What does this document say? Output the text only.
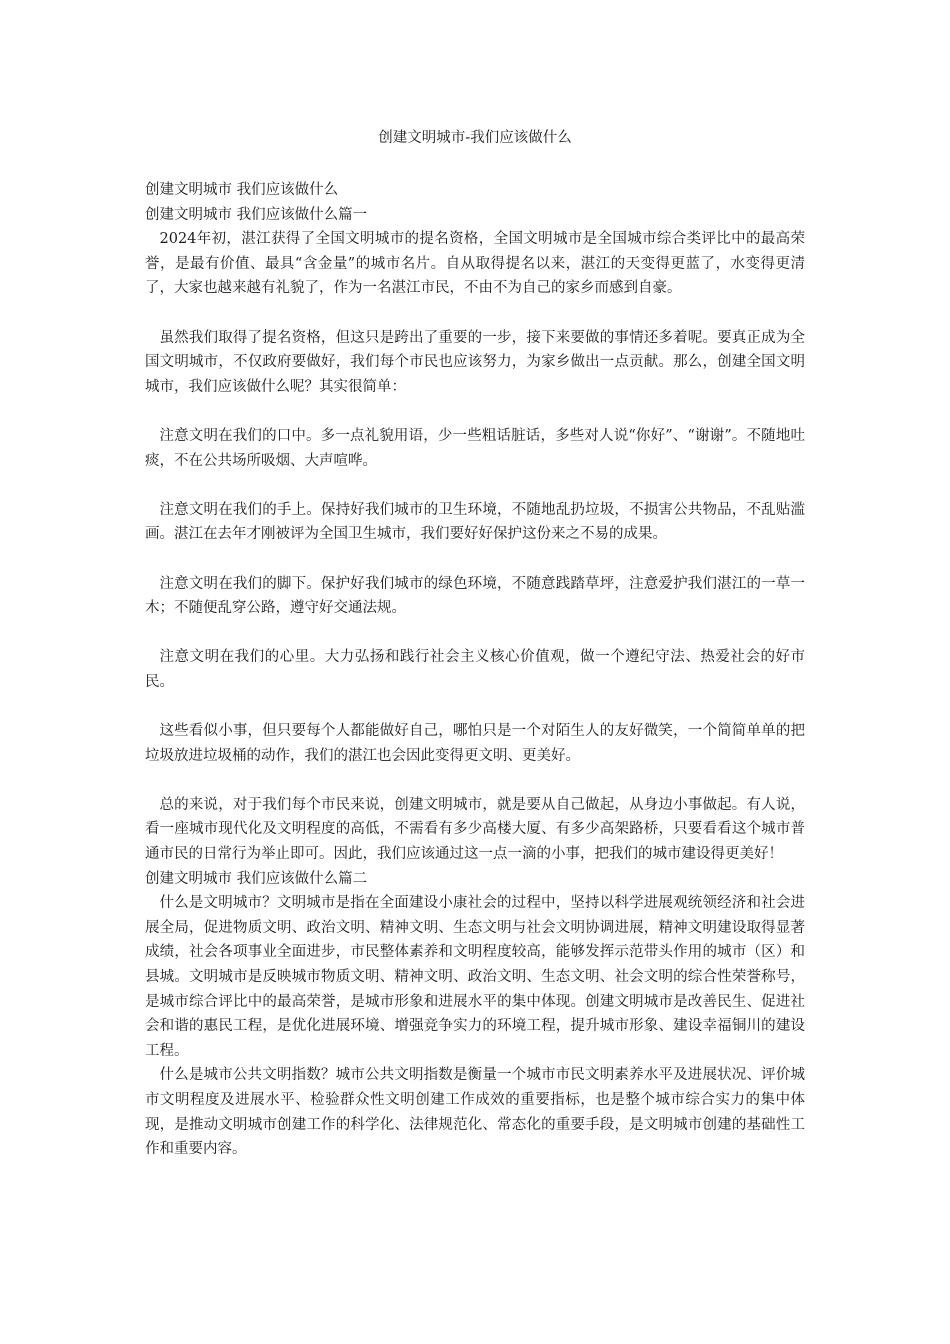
创建文明城市-我们应该做什么

创建文明城市 我们应该做什么

创建文明城市 我们应该做什么篇一

2024年初，湛江获得了全国文明城市的提名资格，全国文明城市是全国城市综合类评比中的最高荣誉，是最有价值、最具“含金量”的城市名片。自从取得提名以来，湛江的天变得更蓝了，水变得更清了，大家也越来越有礼貌了，作为一名湛江市民，不由不为自己的家乡而感到自豪。

虽然我们取得了提名资格，但这只是跨出了重要的一步，接下来要做的事情还多着呢。要真正成为全国文明城市，不仅政府要做好，我们每个市民也应该努力，为家乡做出一点贡献。那么，创建全国文明城市，我们应该做什么呢？其实很简单：

注意文明在我们的口中。多一点礼貌用语，少一些粗话脏话，多些对人说“你好”、“谢谢”。不随地吐痰，不在公共场所吸烟、大声喧哗。

注意文明在我们的手上。保持好我们城市的卫生环境，不随地乱扔垃圾，不损害公共物品，不乱贴滥画。湛江在去年才刚被评为全国卫生城市，我们要好好保护这份来之不易的成果。

注意文明在我们的脚下。保护好我们城市的绿色环境，不随意践踏草坪，注意爱护我们湛江的一草一木；不随便乱穿公路，遵守好交通法规。

注意文明在我们的心里。大力弘扬和践行社会主义核心价值观，做一个遵纪守法、热爱社会的好市民。

这些看似小事，但只要每个人都能做好自己，哪怕只是一个对陌生人的友好微笑，一个简简单单的把垃圾放进垃圾桶的动作，我们的湛江也会因此变得更文明、更美好。

总的来说，对于我们每个市民来说，创建文明城市，就是要从自己做起，从身边小事做起。有人说，看一座城市现代化及文明程度的高低，不需看有多少高楼大厦、有多少高架路桥，只要看看这个城市普通市民的日常行为举止即可。因此，我们应该通过这一点一滴的小事，把我们的城市建设得更美好！

创建文明城市 我们应该做什么篇二

什么是文明城市？文明城市是指在全面建设小康社会的过程中，坚持以科学进展观统领经济和社会进展全局，促进物质文明、政治文明、精神文明、生态文明与社会文明协调进展，精神文明建设取得显著成绩，社会各项事业全面进步，市民整体素养和文明程度较高，能够发挥示范带头作用的城市（区）和县城。文明城市是反映城市物质文明、精神文明、政治文明、生态文明、社会文明的综合性荣誉称号，是城市综合评比中的最高荣誉，是城市形象和进展水平的集中体现。创建文明城市是改善民生、促进社会和谐的惠民工程，是优化进展环境、增强竞争实力的环境工程，提升城市形象、建设幸福铜川的建设工程。

什么是城市公共文明指数？城市公共文明指数是衡量一个城市市民文明素养水平及进展状况、评价城市文明程度及进展水平、检验群众性文明创建工作成效的重要指标，也是整个城市综合实力的集中体现，是推动文明城市创建工作的科学化、法律规范化、常态化的重要手段，是文明城市创建的基础性工作和重要内容。
